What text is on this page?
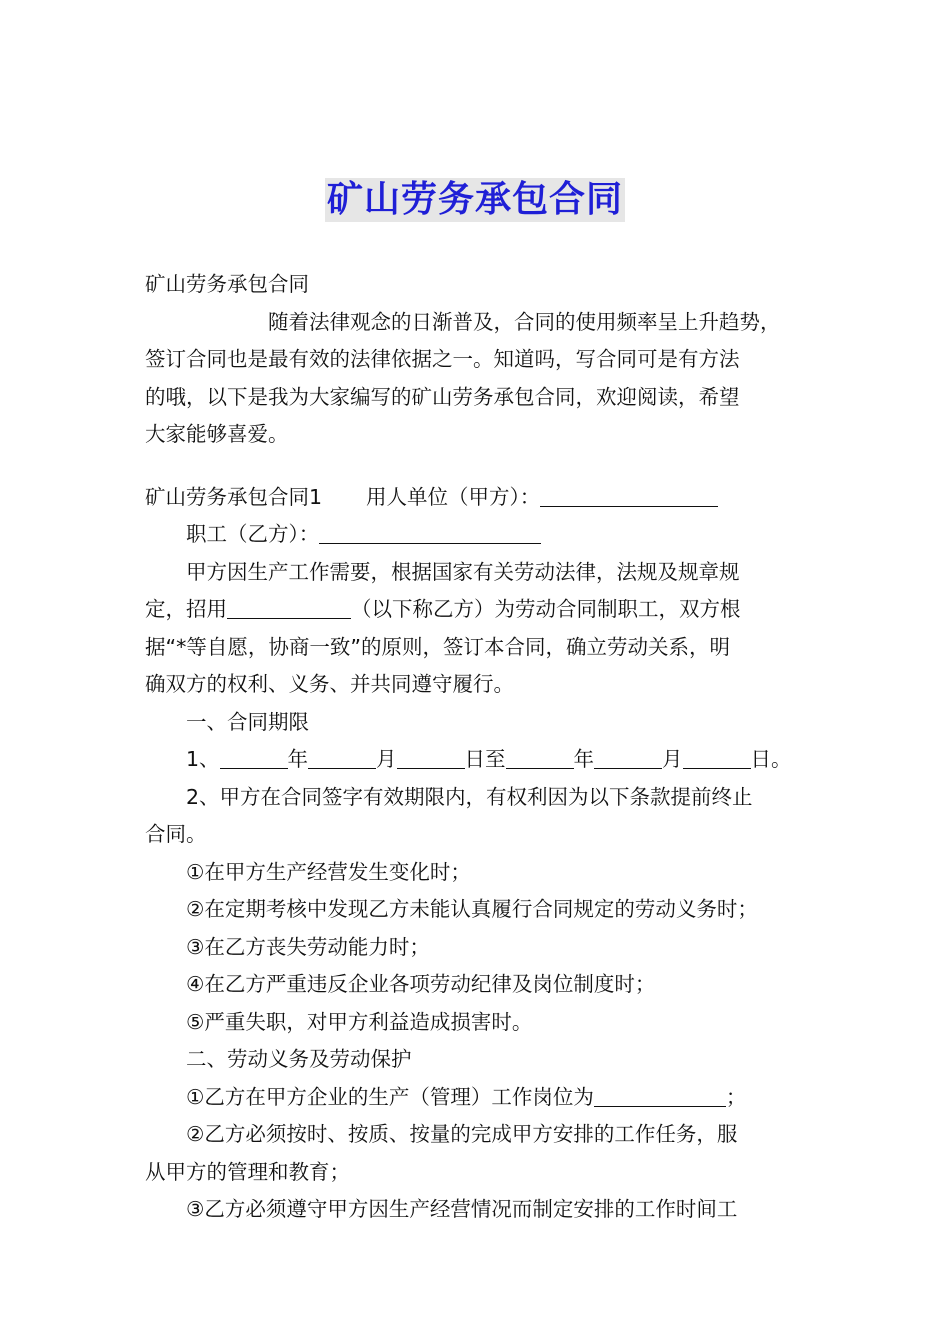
矿山劳务承包合同
矿山劳务承包合同
随着法律观念的日渐普及，合同的使用频率呈上升趋势，
签订合同也是最有效的法律依据之一。知道吗，写合同可是有方法
的哦，以下是我为大家编写的矿山劳务承包合同，欢迎阅读，希望
大家能够喜爱。
矿山劳务承包合同1 用人单位（甲方）：
职工（乙方）：
甲方因生产工作需要，根据国家有关劳动法律，法规及规章规
定，招用	（以下称乙方）为劳动合同制职工，双方根
据“*等自愿，协商一致”的原则，签订本合同，确立劳动关系，明
确双方的权利、义务、并共同遵守履行。
一、合同期限
1、	年	月	日至	年	月	日。
2、甲方在合同签字有效期限内，有权利因为以下条款提前终止
合同。
①在甲方生产经营发生变化时；
②在定期考核中发现乙方未能认真履行合同规定的劳动义务时；
③在乙方丧失劳动能力时；
④在乙方严重违反企业各项劳动纪律及岗位制度时；
⑤严重失职，对甲方利益造成损害时。
二、劳动义务及劳动保护
①乙方在甲方企业的生产（管理）工作岗位为	；
②乙方必须按时、按质、按量的完成甲方安排的工作任务，服
从甲方的管理和教育；
③乙方必须遵守甲方因生产经营情况而制定安排的工作时间工
